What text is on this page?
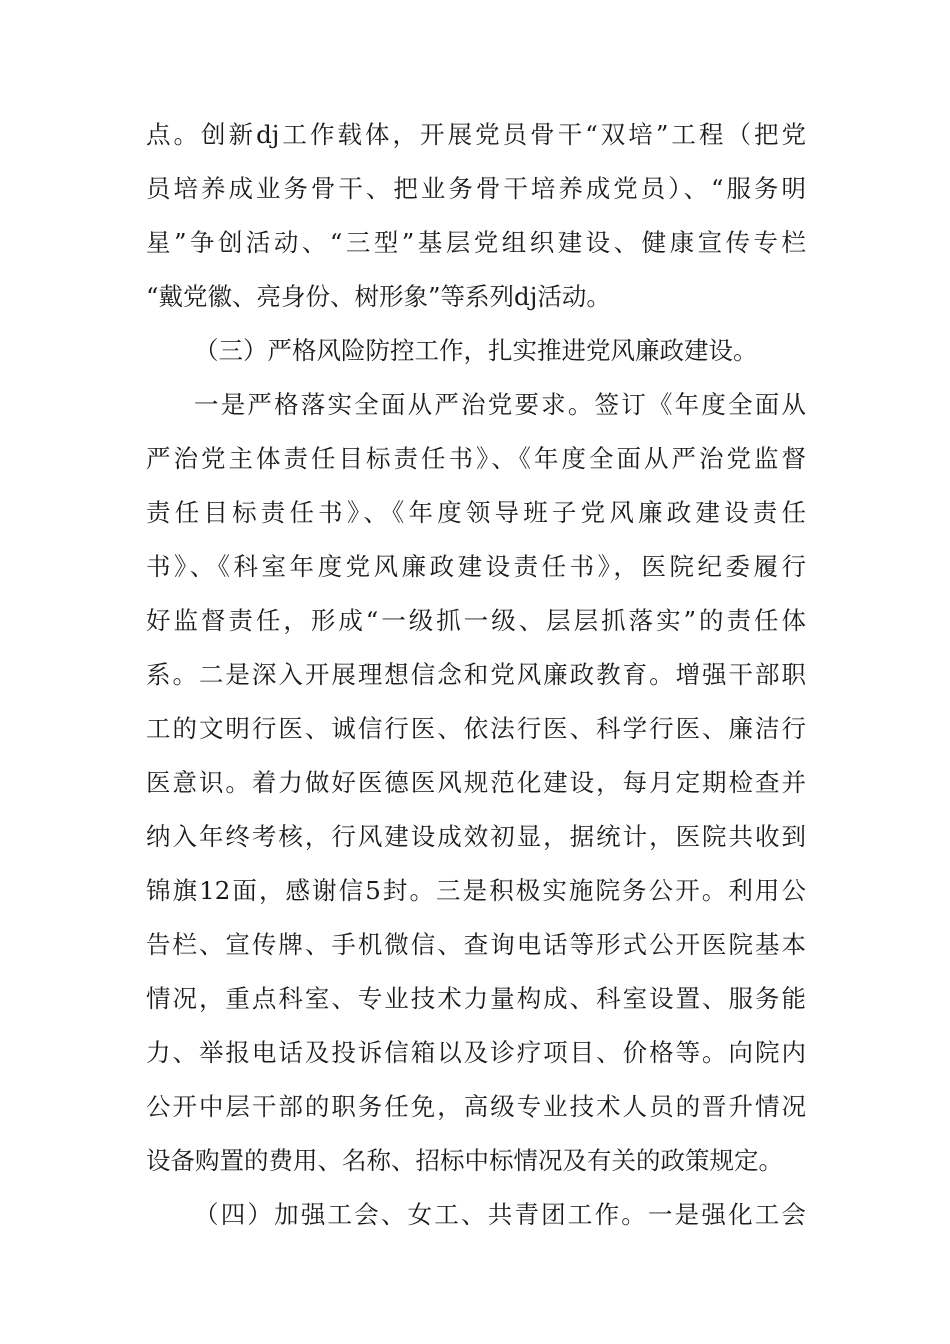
点。创新dj工作载体，开展党员骨干“双培”工程（把党
员培养成业务骨干、把业务骨干培养成党员）、“服务明
星”争创活动、“三型”基层党组织建设、健康宣传专栏
“戴党徽、亮身份、树形象”等系列dj活动。
（三）严格风险防控工作，扎实推进党风廉政建设。
一是严格落实全面从严治党要求。签订《年度全面从
严治党主体责任目标责任书》、《年度全面从严治党监督
责任目标责任书》、《年度领导班子党风廉政建设责任
书》、《科室年度党风廉政建设责任书》，医院纪委履行
好监督责任，形成“一级抓一级、层层抓落实”的责任体
系。二是深入开展理想信念和党风廉政教育。增强干部职
工的文明行医、诚信行医、依法行医、科学行医、廉洁行
医意识。着力做好医德医风规范化建设，每月定期检查并
纳入年终考核，行风建设成效初显，据统计，医院共收到
锦旗12面，感谢信5封。三是积极实施院务公开。利用公
告栏、宣传牌、手机微信、查询电话等形式公开医院基本
情况，重点科室、专业技术力量构成、科室设置、服务能
力、举报电话及投诉信箱以及诊疗项目、价格等。向院内
公开中层干部的职务任免，高级专业技术人员的晋升情况
设备购置的费用、名称、招标中标情况及有关的政策规定。
（四）加强工会、女工、共青团工作。一是强化工会
